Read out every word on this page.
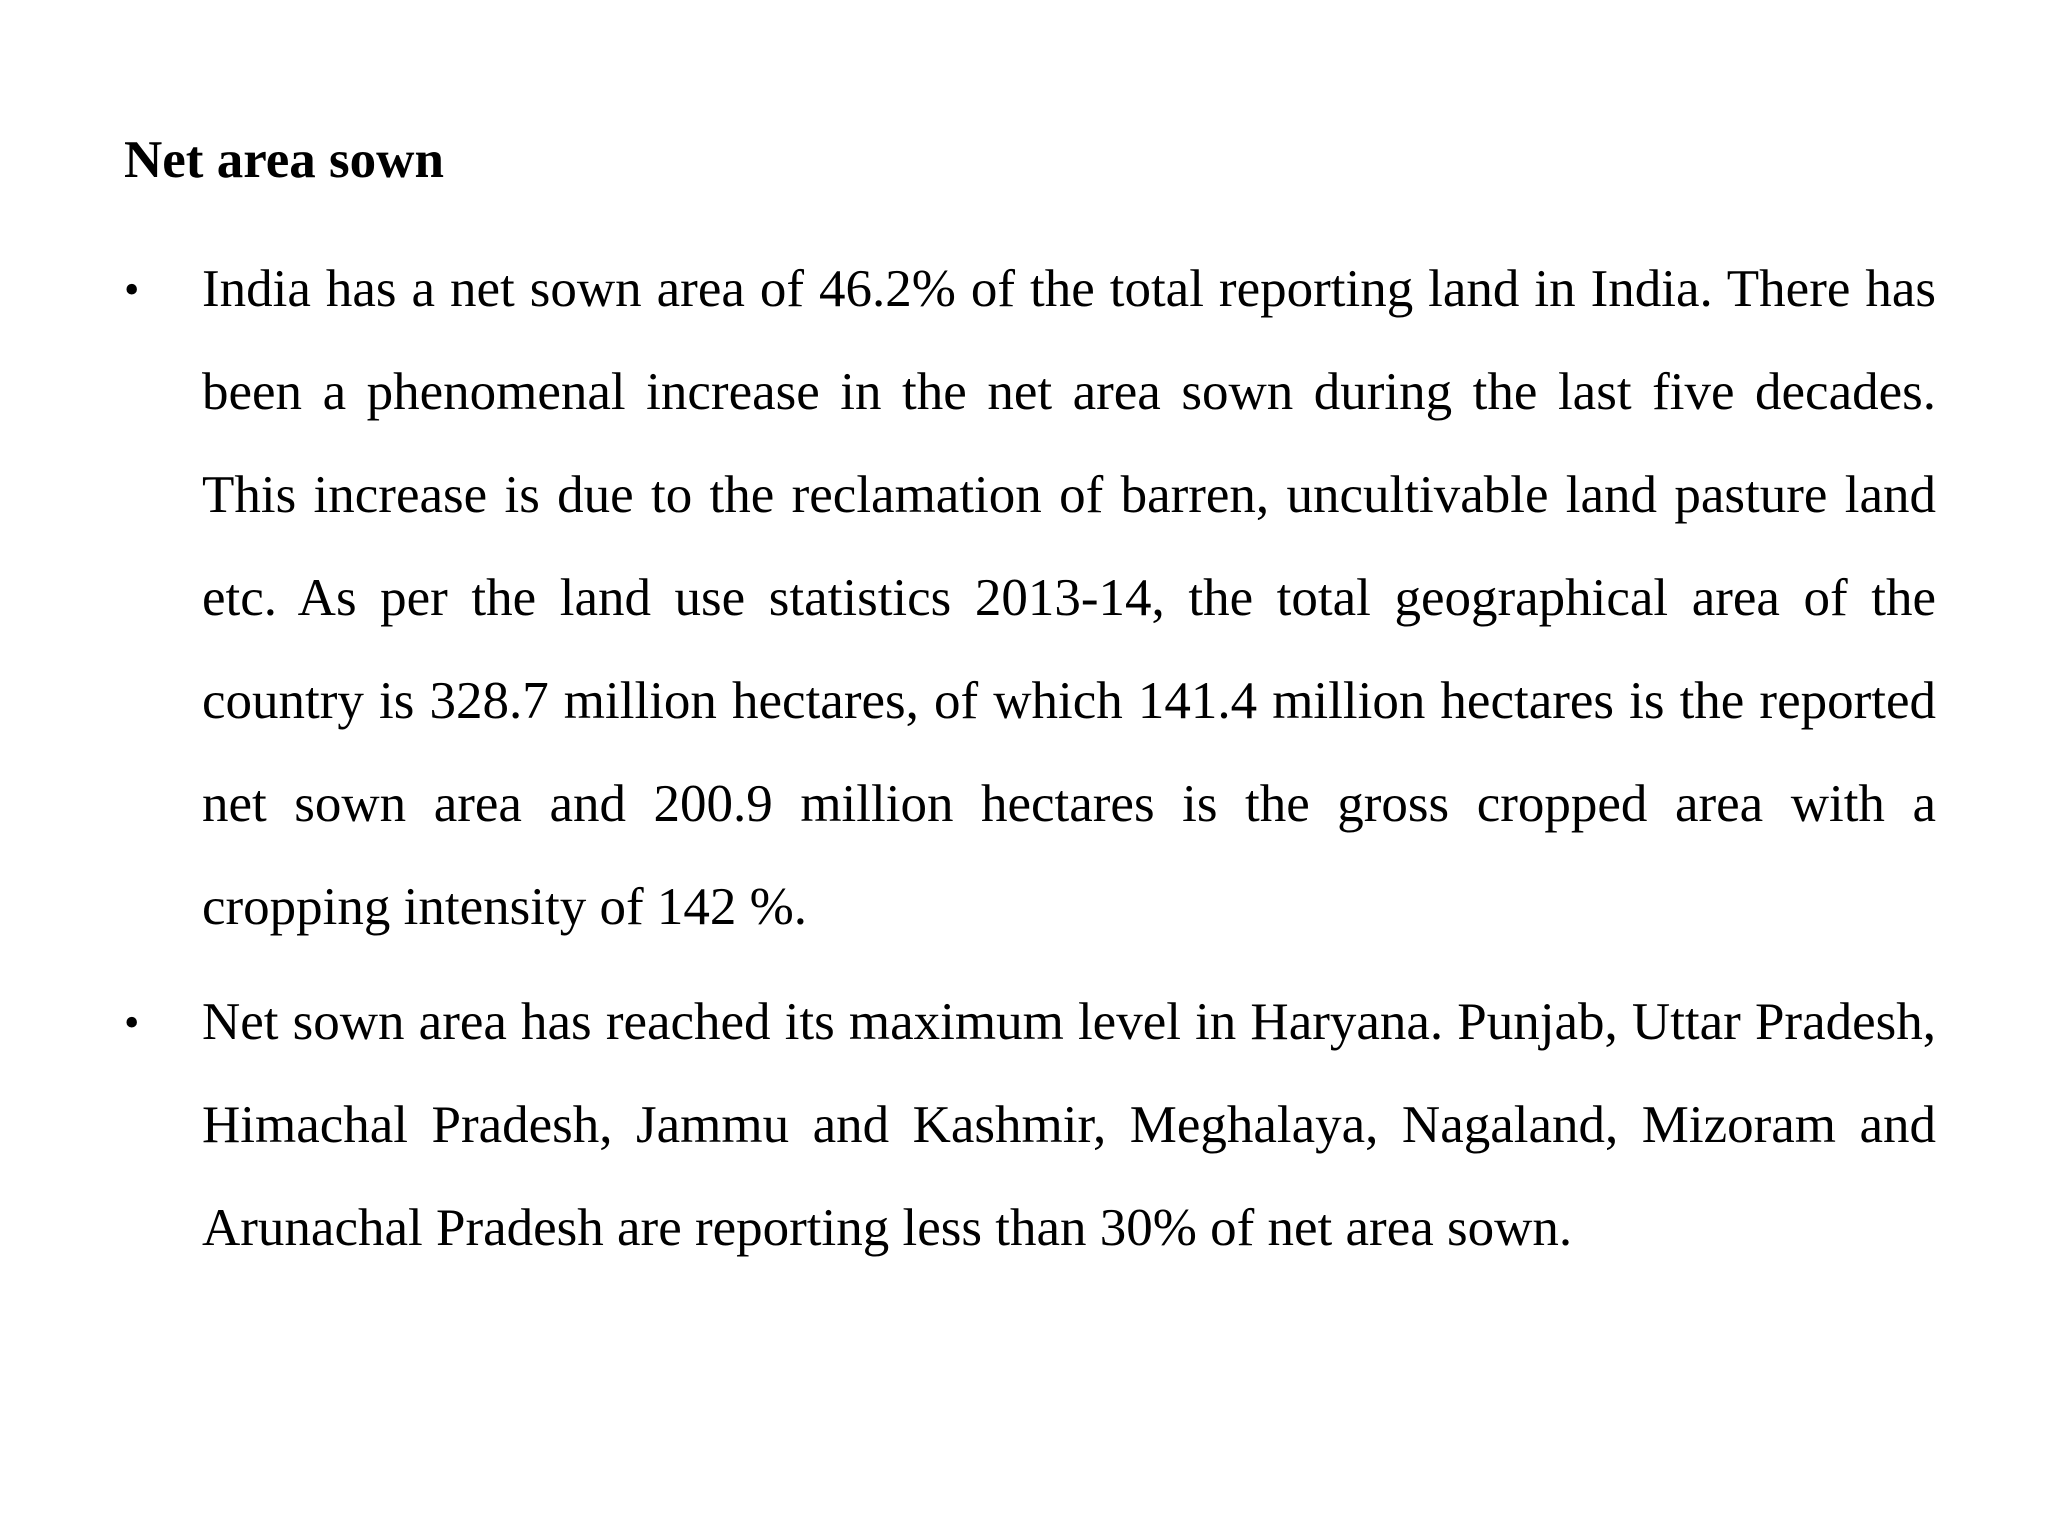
Net area sown
•	India has a net sown area of 46.2% of the total reporting land in India. There has been a phenomenal increase in the net area sown during the last five decades. This increase is due to the reclamation of barren, uncultivable land pasture land etc. As per the land use statistics 2013-14, the total geographical area of the country is 328.7 million hectares, of which 141.4 million hectares is the reported net sown area and 200.9 million hectares is the gross cropped area with a cropping intensity of 142 %.
•	Net sown area has reached its maximum level in Haryana. Punjab, Uttar Pradesh, Himachal Pradesh, Jammu and Kashmir, Meghalaya, Nagaland, Mizoram and Arunachal Pradesh are reporting less than 30% of net area sown.
